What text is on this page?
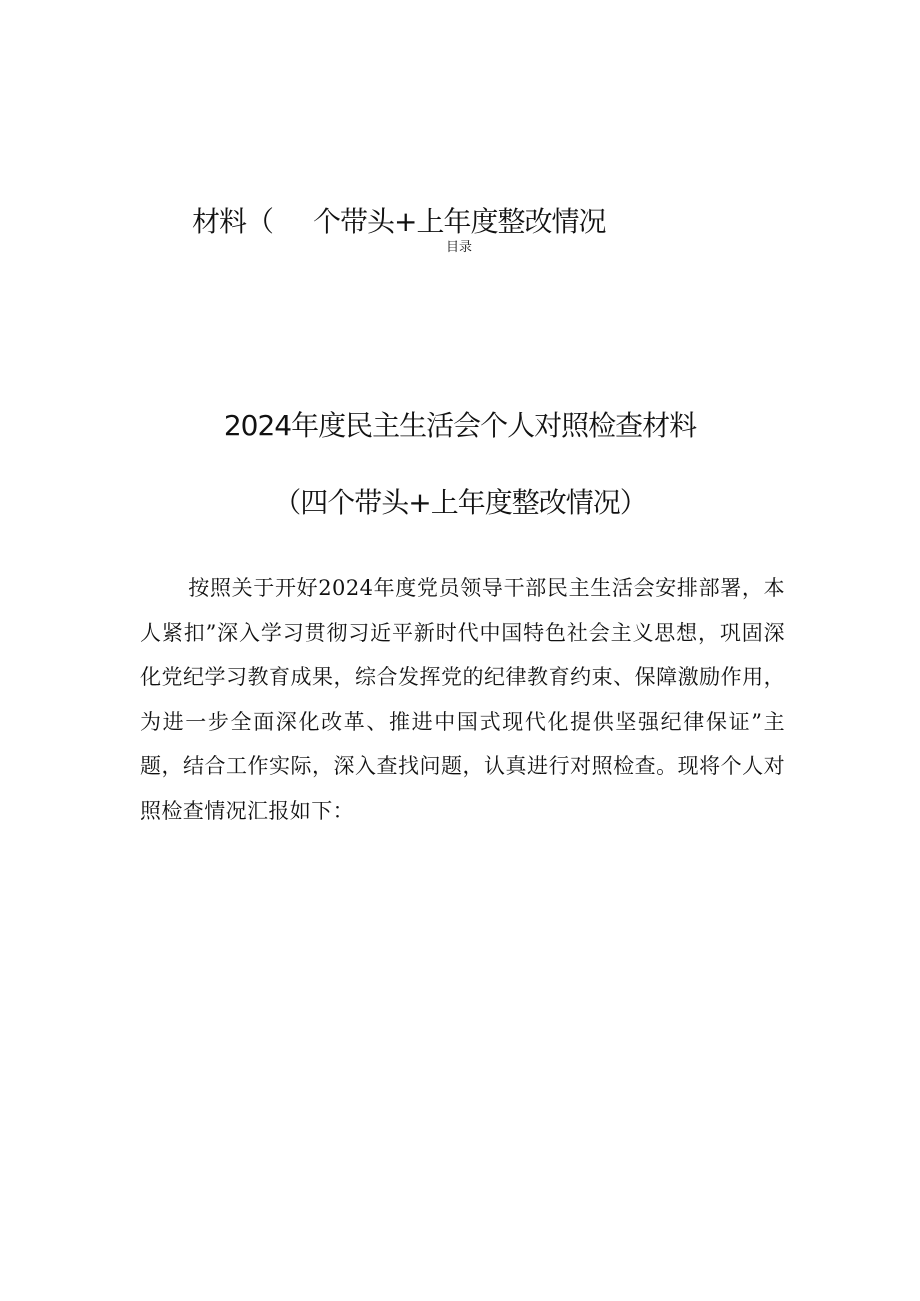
材料（ 个带头+上年度整改情况
目录
2024年度民主生活会个人对照检查材料
（四个带头+上年度整改情况）

按照关于开好2024年度党员领导干部民主生活会安排部署，本人紧扣”深入学习贯彻习近平新时代中国特色社会主义思想，巩固深化党纪学习教育成果，综合发挥党的纪律教育约束、保障激励作用，为进一步全面深化改革、推进中国式现代化提供坚强纪律保证”主题，结合工作实际，深入查找问题，认真进行对照检查。现将个人对照检查情况汇报如下：
